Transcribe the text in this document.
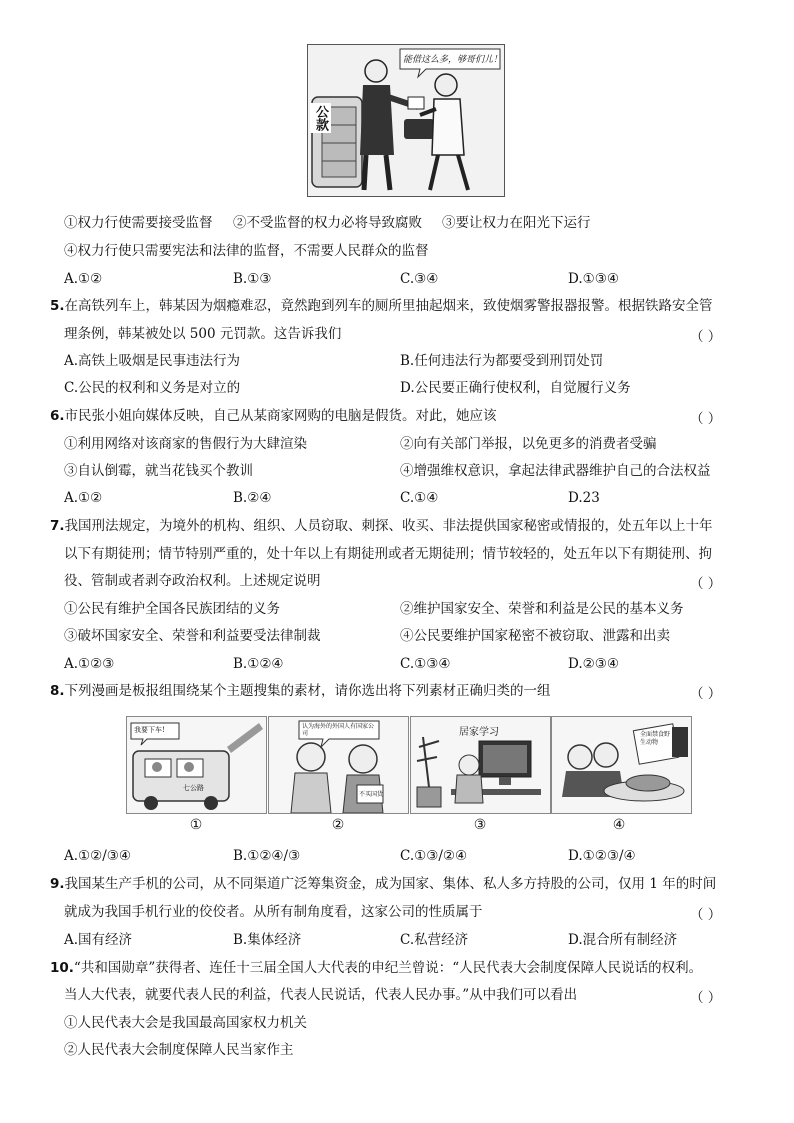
能借这么多，够哥们儿！
公款
①权力行使需要接受监督 ②不受监督的权力必将导致腐败 ③要让权力在阳光下运行
④权力行使只需要宪法和法律的监督，不需要人民群众的监督
A.①②	B.①③	C.③④	D.①③④
5.在高铁列车上，韩某因为烟瘾难忍，竟然跑到列车的厕所里抽起烟来，致使烟雾警报器报警。根据铁路安全管
理条例，韩某被处以 500 元罚款。这告诉我们	（ ）
A.高铁上吸烟是民事违法行为	B.任何违法行为都要受到刑罚处罚
C.公民的权利和义务是对立的	D.公民要正确行使权利，自觉履行义务
6.市民张小姐向媒体反映，自己从某商家网购的电脑是假货。对此，她应该	（ ）
①利用网络对该商家的售假行为大肆渲染	②向有关部门举报，以免更多的消费者受骗
③自认倒霉，就当花钱买个教训	④增强维权意识，拿起法律武器维护自己的合法权益
A.①②	B.②④	C.①④	D.23
7.我国刑法规定，为境外的机构、组织、人员窃取、刺探、收买、非法提供国家秘密或情报的，处五年以上十年
以下有期徒刑；情节特别严重的，处十年以上有期徒刑或者无期徒刑；情节较轻的，处五年以下有期徒刑、拘
役、管制或者剥夺政治权利。上述规定说明	（ ）
①公民有维护全国各民族团结的义务	②维护国家安全、荣誉和利益是公民的基本义务
③破坏国家安全、荣誉和利益要受法律制裁	④公民要维护国家秘密不被窃取、泄露和出卖
A.①②③	B.①②④	C.①③④	D.②③④
8.下列漫画是板报组围绕某个主题搜集的素材，请你选出将下列素材正确归类的一组	（ ）
我要下车!
七公路
①
认为海外的外国人有国家公司
不买国货
②
居家学习
③
全面禁食野生动物
④
A.①②/③④	B.①②④/③	C.①③/②④	D.①②③/④
9.我国某生产手机的公司，从不同渠道广泛筹集资金，成为国家、集体、私人多方持股的公司，仅用 1 年的时间
就成为我国手机行业的佼佼者。从所有制角度看，这家公司的性质属于	（ ）
A.国有经济	B.集体经济	C.私营经济	D.混合所有制经济
10.“共和国勋章”获得者、连任十三届全国人大代表的申纪兰曾说：“人民代表大会制度保障人民说话的权利。
当人大代表，就要代表人民的利益，代表人民说话，代表人民办事。”从中我们可以看出	（ ）
①人民代表大会是我国最高国家权力机关
②人民代表大会制度保障人民当家作主
